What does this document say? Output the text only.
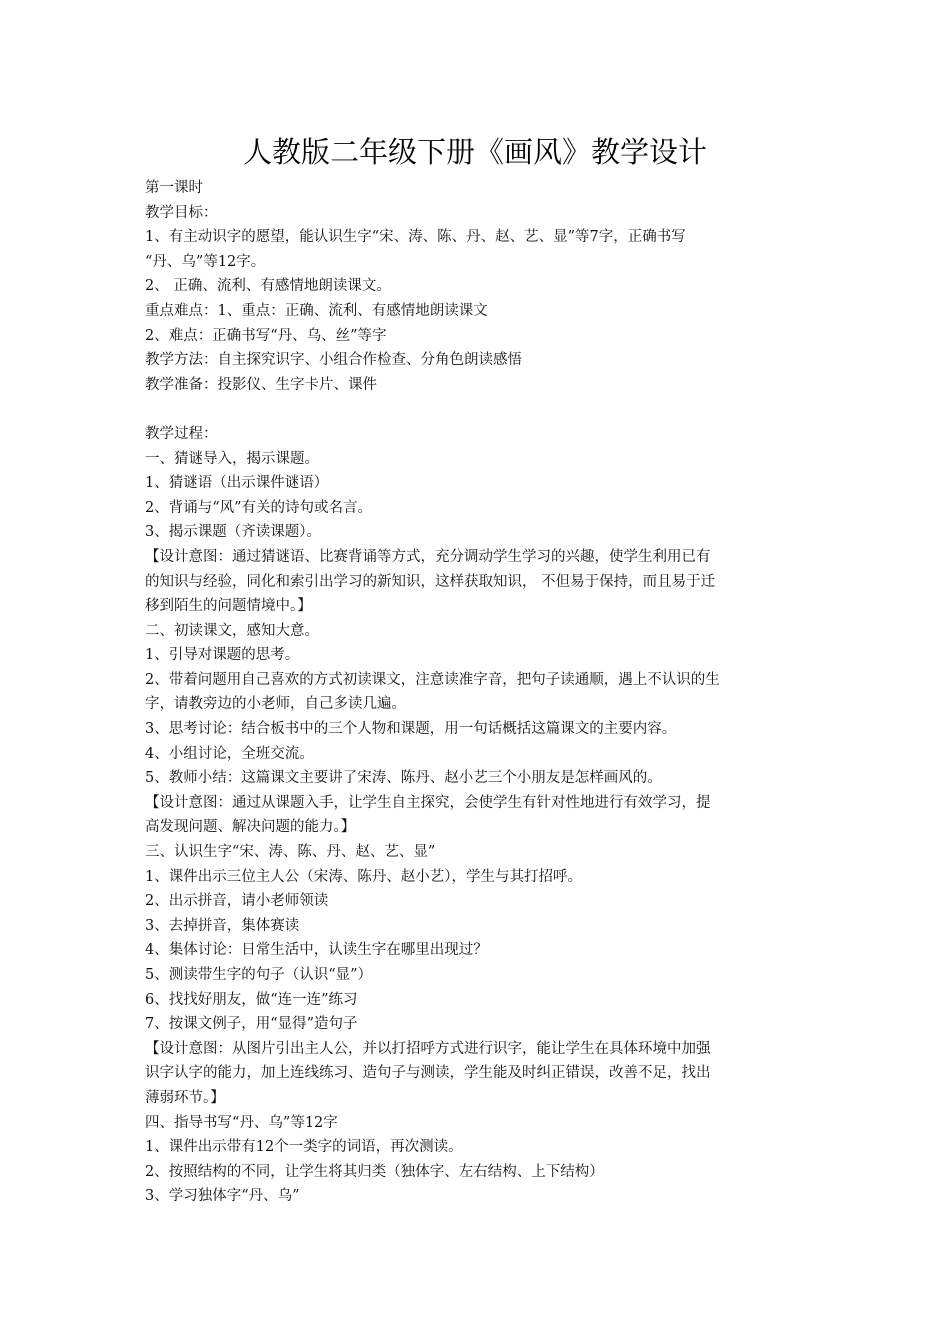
人教版二年级下册《画风》教学设计

第一课时

教学目标：

1、有主动识字的愿望，能认识生字“宋、涛、陈、丹、赵、艺、显”等7字，正确书写

“丹、乌”等12字。

2、 正确、流利、有感情地朗读课文。

重点难点：1、重点：正确、流利、有感情地朗读课文

2、难点：正确书写“丹、乌、丝”等字

教学方法：自主探究识字、小组合作检查、分角色朗读感悟

教学准备：投影仪、生字卡片、课件

教学过程：

一、猜谜导入，揭示课题。

1、猜谜语（出示课件谜语）

2、背诵与“风”有关的诗句或名言。

3、揭示课题（齐读课题）。

【设计意图：通过猜谜语、比赛背诵等方式，充分调动学生学习的兴趣，使学生利用已有

的知识与经验，同化和索引出学习的新知识，这样获取知识， 不但易于保持，而且易于迁

移到陌生的问题情境中。】

二、初读课文，感知大意。

1、引导对课题的思考。

2、带着问题用自己喜欢的方式初读课文，注意读准字音，把句子读通顺，遇上不认识的生

字，请教旁边的小老师，自己多读几遍。

3、思考讨论：结合板书中的三个人物和课题，用一句话概括这篇课文的主要内容。

4、小组讨论，全班交流。

5、教师小结：这篇课文主要讲了宋涛、陈丹、赵小艺三个小朋友是怎样画风的。

【设计意图：通过从课题入手，让学生自主探究，会使学生有针对性地进行有效学习，提

高发现问题、解决问题的能力。】

三、认识生字“宋、涛、陈、丹、赵、艺、显”

1、课件出示三位主人公（宋涛、陈丹、赵小艺），学生与其打招呼。

2、出示拼音，请小老师领读

3、去掉拼音，集体赛读

4、集体讨论：日常生活中，认读生字在哪里出现过？

5、测读带生字的句子（认识“显”）

6、找找好朋友，做“连一连”练习

7、按课文例子，用“显得”造句子

【设计意图：从图片引出主人公，并以打招呼方式进行识字，能让学生在具体环境中加强

识字认字的能力，加上连线练习、造句子与测读，学生能及时纠正错误，改善不足，找出

薄弱环节。】

四、指导书写“丹、乌”等12字

1、课件出示带有12个一类字的词语，再次测读。

2、按照结构的不同，让学生将其归类（独体字、左右结构、上下结构）

3、学习独体字“丹、乌”
